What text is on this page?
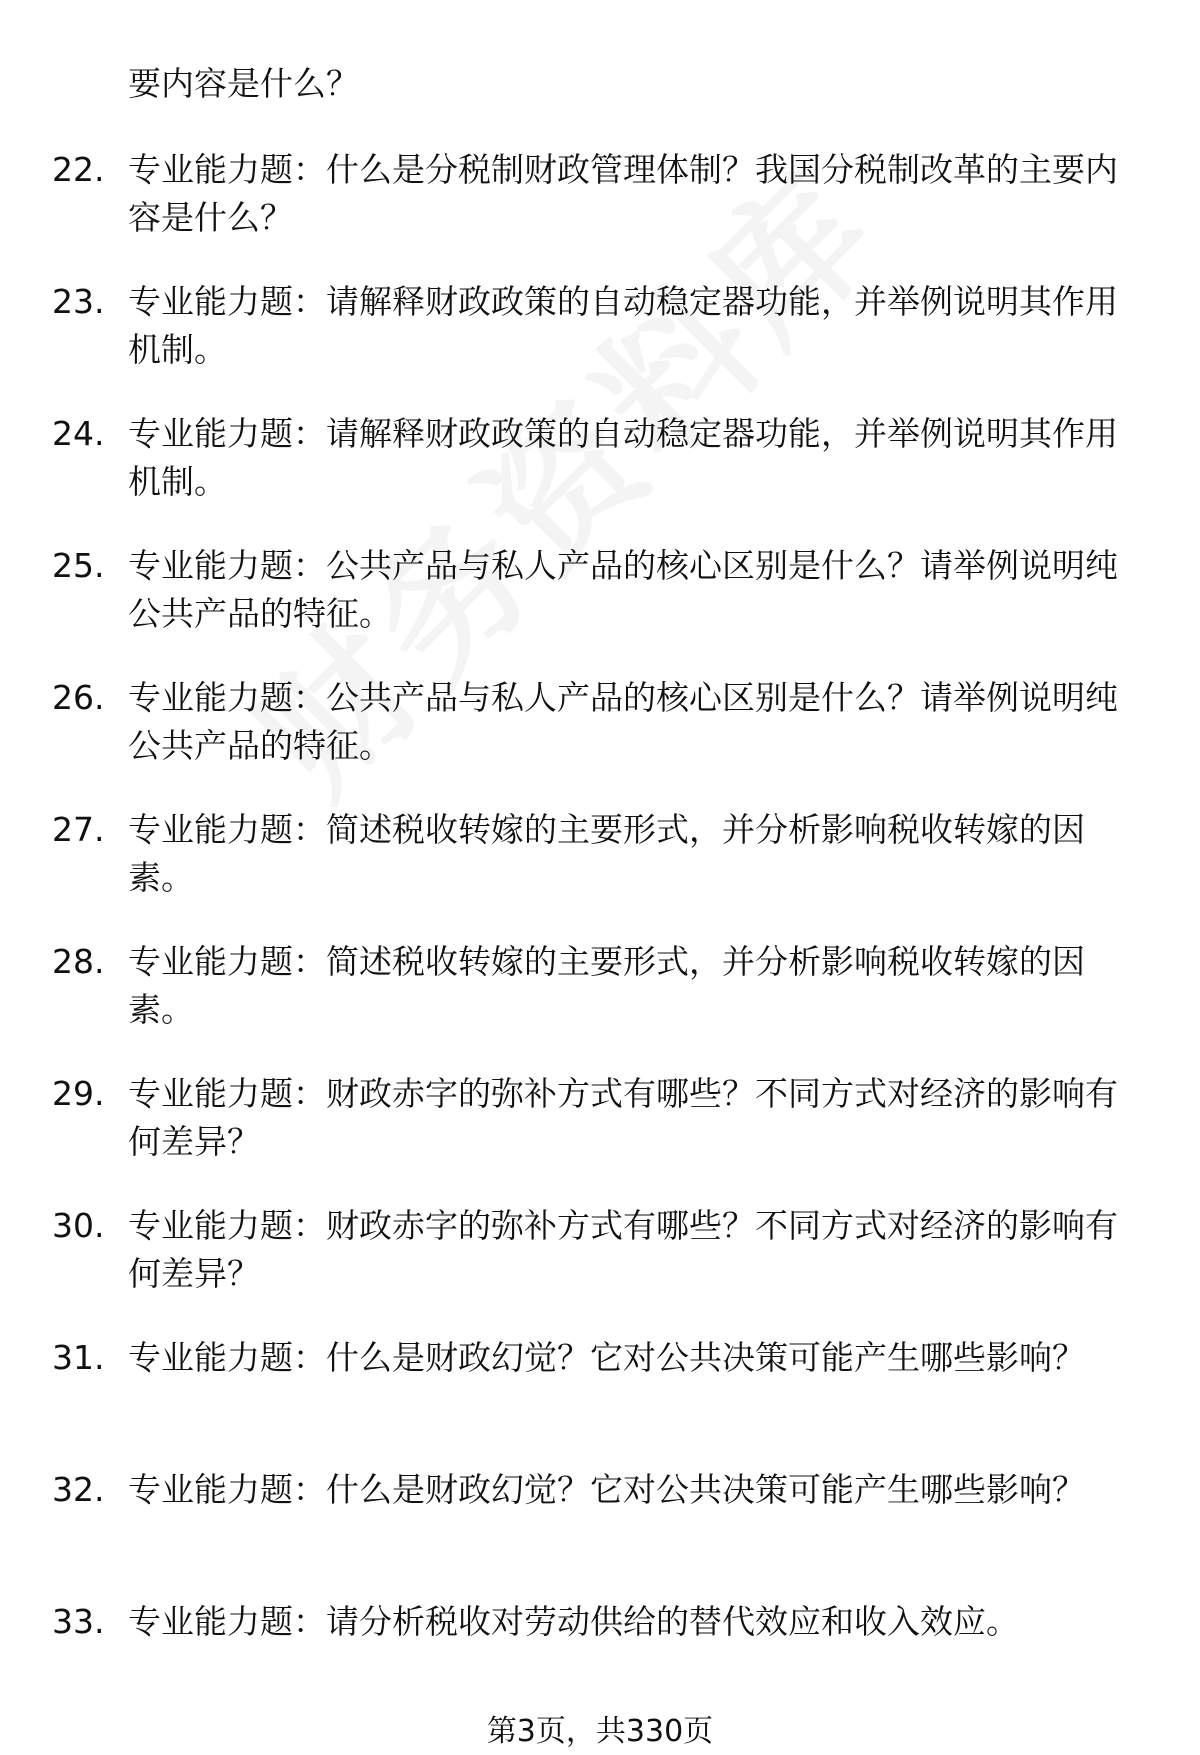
要内容是什么？
22. 专业能力题：什么是分税制财政管理体制？我国分税制改革的主要内容是什么？
23. 专业能力题：请解释财政政策的自动稳定器功能，并举例说明其作用机制。
24. 专业能力题：请解释财政政策的自动稳定器功能，并举例说明其作用机制。
25. 专业能力题：公共产品与私人产品的核心区别是什么？请举例说明纯公共产品的特征。
26. 专业能力题：公共产品与私人产品的核心区别是什么？请举例说明纯公共产品的特征。
27. 专业能力题：简述税收转嫁的主要形式，并分析影响税收转嫁的因素。
28. 专业能力题：简述税收转嫁的主要形式，并分析影响税收转嫁的因素。
29. 专业能力题：财政赤字的弥补方式有哪些？不同方式对经济的影响有何差异？
30. 专业能力题：财政赤字的弥补方式有哪些？不同方式对经济的影响有何差异？
31. 专业能力题：什么是财政幻觉？它对公共决策可能产生哪些影响？
32. 专业能力题：什么是财政幻觉？它对公共决策可能产生哪些影响？
33. 专业能力题：请分析税收对劳动供给的替代效应和收入效应。
第3页，共330页
